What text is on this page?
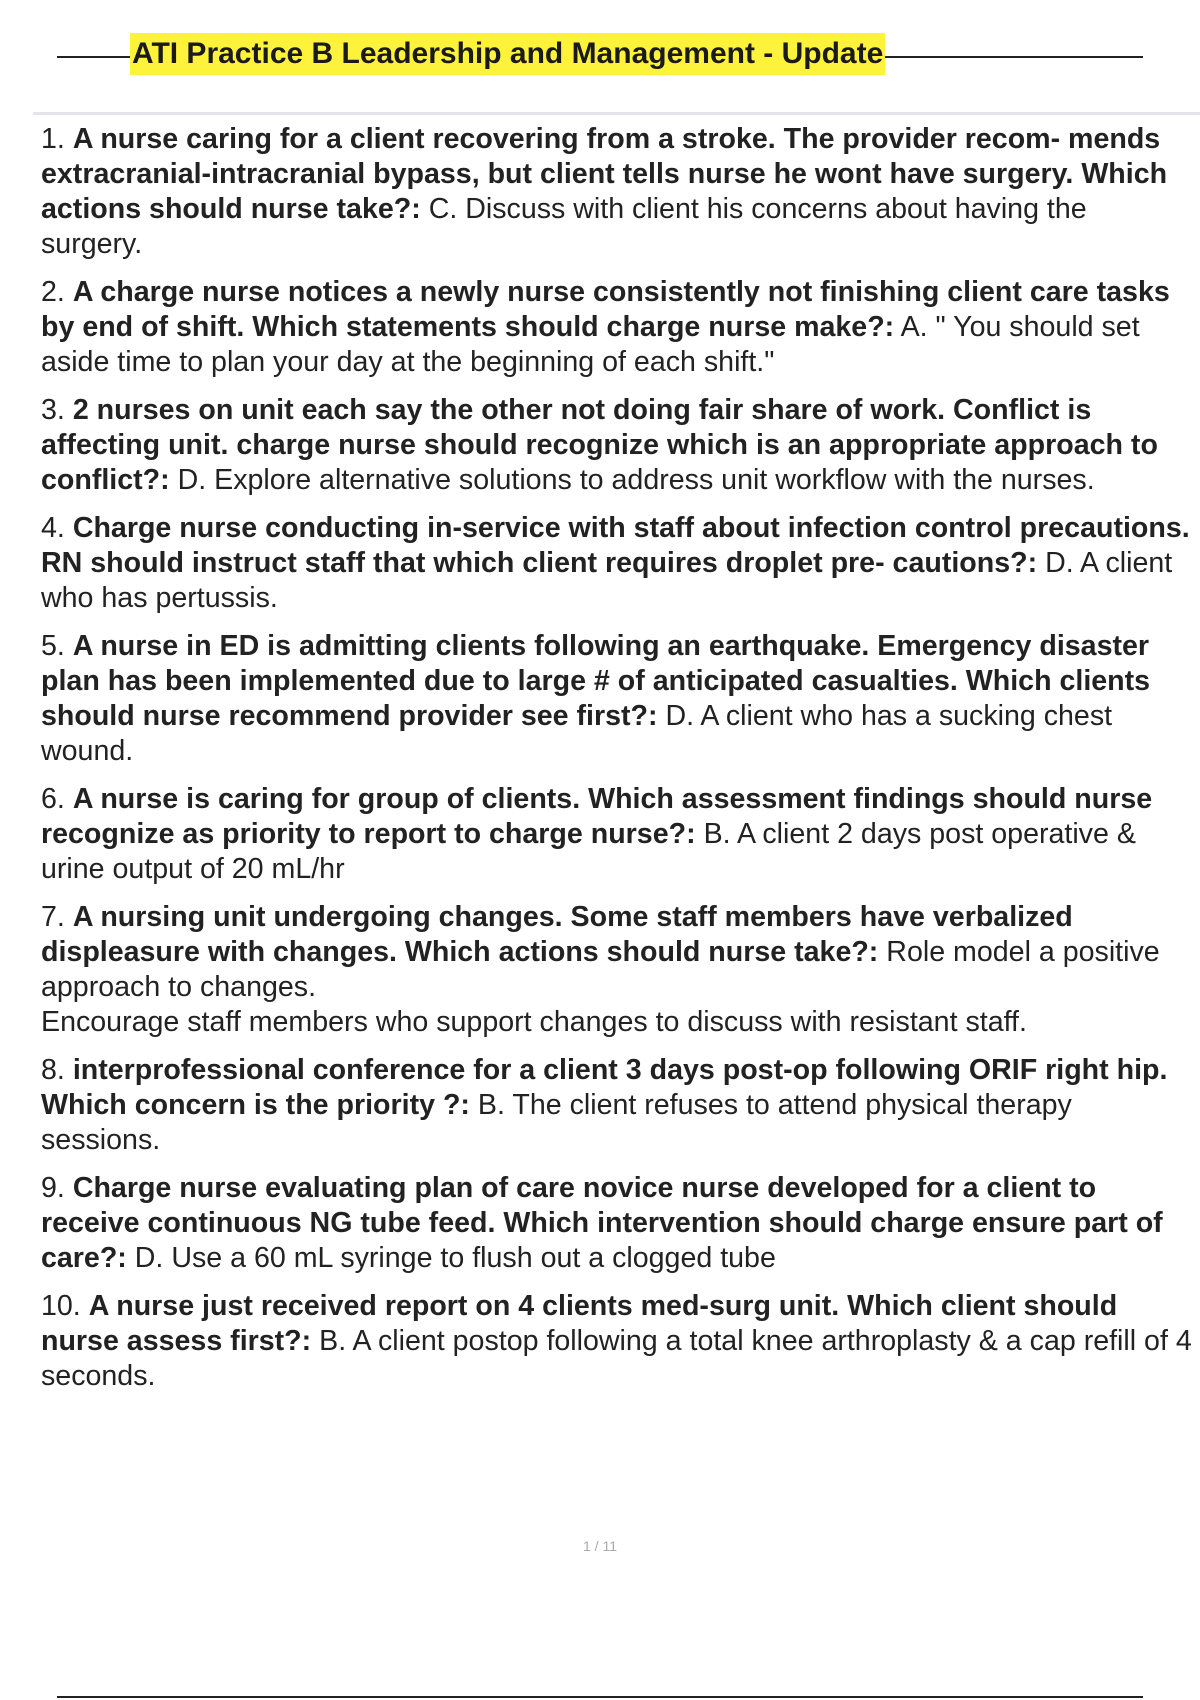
ATI Practice B Leadership and Management - Update
1. A nurse caring for a client recovering from a stroke. The provider recom- mends extracranial-intracranial bypass, but client tells nurse he wont have surgery. Which actions should nurse take?: C. Discuss with client his concerns about having the surgery.
2. A charge nurse notices a newly nurse consistently not finishing client care tasks by end of shift. Which statements should charge nurse make?: A. " You should set aside time to plan your day at the beginning of each shift."
3. 2 nurses on unit each say the other not doing fair share of work. Conflict is affecting unit. charge nurse should recognize which is an appropriate approach to conflict?: D. Explore alternative solutions to address unit workflow with the nurses.
4. Charge nurse conducting in-service with staff about infection control precautions. RN should instruct staff that which client requires droplet pre- cautions?: D. A client who has pertussis.
5. A nurse in ED is admitting clients following an earthquake. Emergency disaster plan has been implemented due to large # of anticipated casualties. Which clients should nurse recommend provider see first?: D. A client who has a sucking chest wound.
6. A nurse is caring for group of clients. Which assessment findings should nurse recognize as priority to report to charge nurse?: B. A client 2 days post operative & urine output of 20 mL/hr
7. A nursing unit undergoing changes. Some staff members have verbalized displeasure with changes. Which actions should nurse take?: Role model a positive approach to changes.
Encourage staff members who support changes to discuss with resistant staff.
8. interprofessional conference for a client 3 days post-op following ORIF right hip. Which concern is the priority ?: B. The client refuses to attend physical therapy sessions.
9. Charge nurse evaluating plan of care novice nurse developed for a client to receive continuous NG tube feed. Which intervention should charge ensure part of care?: D. Use a 60 mL syringe to flush out a clogged tube
10. A nurse just received report on 4 clients med-surg unit. Which client should nurse assess first?: B. A client postop following a total knee arthroplasty & a cap refill of 4 seconds.
1 / 11
